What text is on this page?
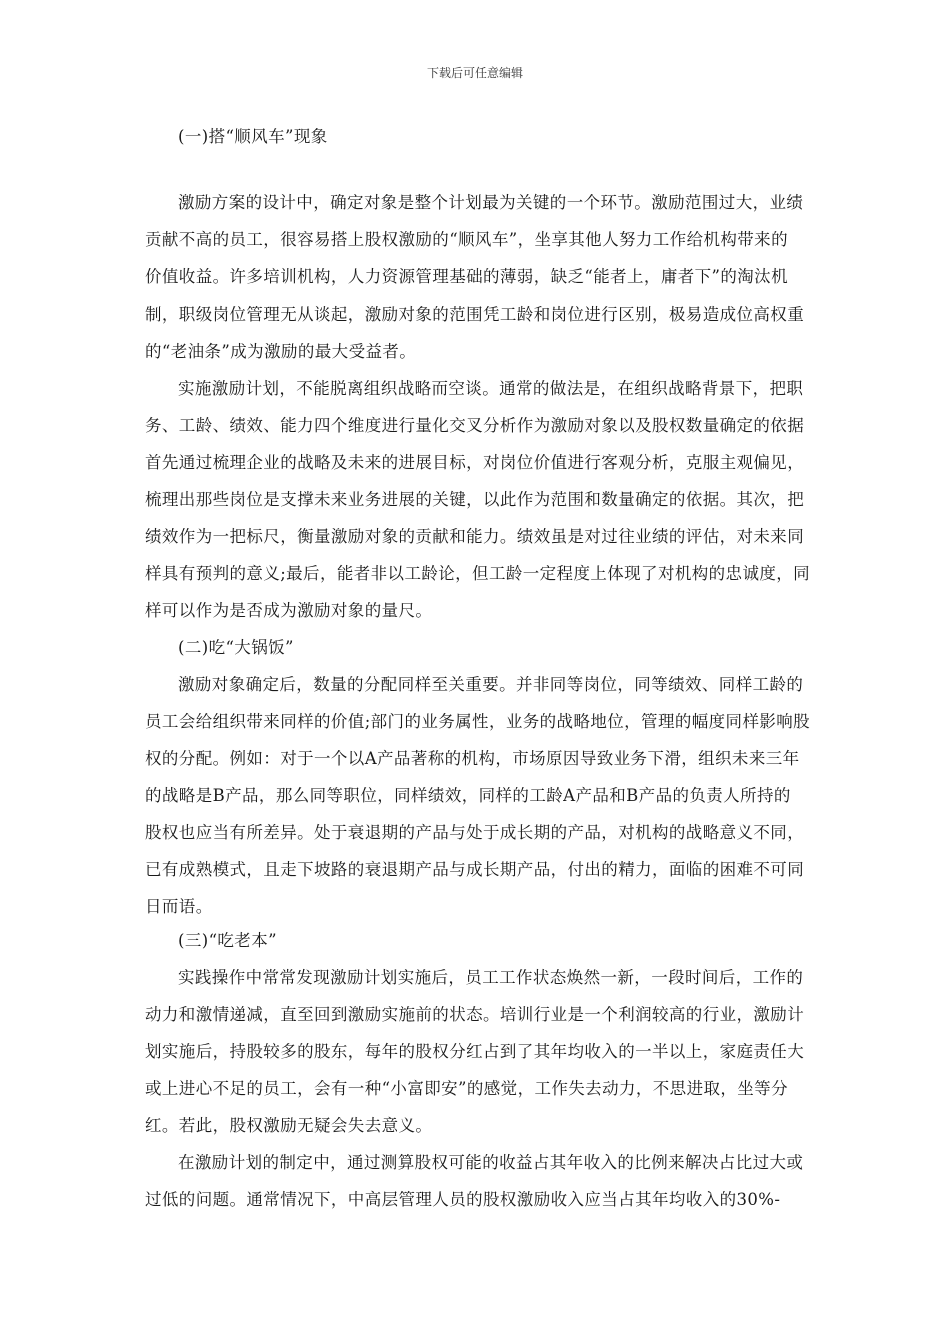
下载后可任意编辑
(一)搭“顺风车”现象
激励方案的设计中，确定对象是整个计划最为关键的一个环节。激励范围过大，业绩
贡献不高的员工，很容易搭上股权激励的“顺风车”，坐享其他人努力工作给机构带来的
价值收益。许多培训机构，人力资源管理基础的薄弱，缺乏“能者上，庸者下”的淘汰机
制，职级岗位管理无从谈起，激励对象的范围凭工龄和岗位进行区别，极易造成位高权重
的“老油条”成为激励的最大受益者。
实施激励计划，不能脱离组织战略而空谈。通常的做法是，在组织战略背景下，把职
务、工龄、绩效、能力四个维度进行量化交叉分析作为激励对象以及股权数量确定的依据
首先通过梳理企业的战略及未来的进展目标，对岗位价值进行客观分析，克服主观偏见，
梳理出那些岗位是支撑未来业务进展的关键，以此作为范围和数量确定的依据。其次，把
绩效作为一把标尺，衡量激励对象的贡献和能力。绩效虽是对过往业绩的评估，对未来同
样具有预判的意义;最后，能者非以工龄论，但工龄一定程度上体现了对机构的忠诚度，同
样可以作为是否成为激励对象的量尺。
(二)吃“大锅饭”
激励对象确定后，数量的分配同样至关重要。并非同等岗位，同等绩效、同样工龄的
员工会给组织带来同样的价值;部门的业务属性，业务的战略地位，管理的幅度同样影响股
权的分配。例如：对于一个以A产品著称的机构，市场原因导致业务下滑，组织未来三年
的战略是B产品，那么同等职位，同样绩效，同样的工龄A产品和B产品的负责人所持的
股权也应当有所差异。处于衰退期的产品与处于成长期的产品，对机构的战略意义不同，
已有成熟模式，且走下坡路的衰退期产品与成长期产品，付出的精力，面临的困难不可同
日而语。
(三)“吃老本”
实践操作中常常发现激励计划实施后，员工工作状态焕然一新，一段时间后，工作的
动力和激情递减，直至回到激励实施前的状态。培训行业是一个利润较高的行业，激励计
划实施后，持股较多的股东，每年的股权分红占到了其年均收入的一半以上，家庭责任大
或上进心不足的员工，会有一种“小富即安”的感觉，工作失去动力，不思进取，坐等分
红。若此，股权激励无疑会失去意义。
在激励计划的制定中，通过测算股权可能的收益占其年收入的比例来解决占比过大或
过低的问题。通常情况下，中高层管理人员的股权激励收入应当占其年均收入的30%-
